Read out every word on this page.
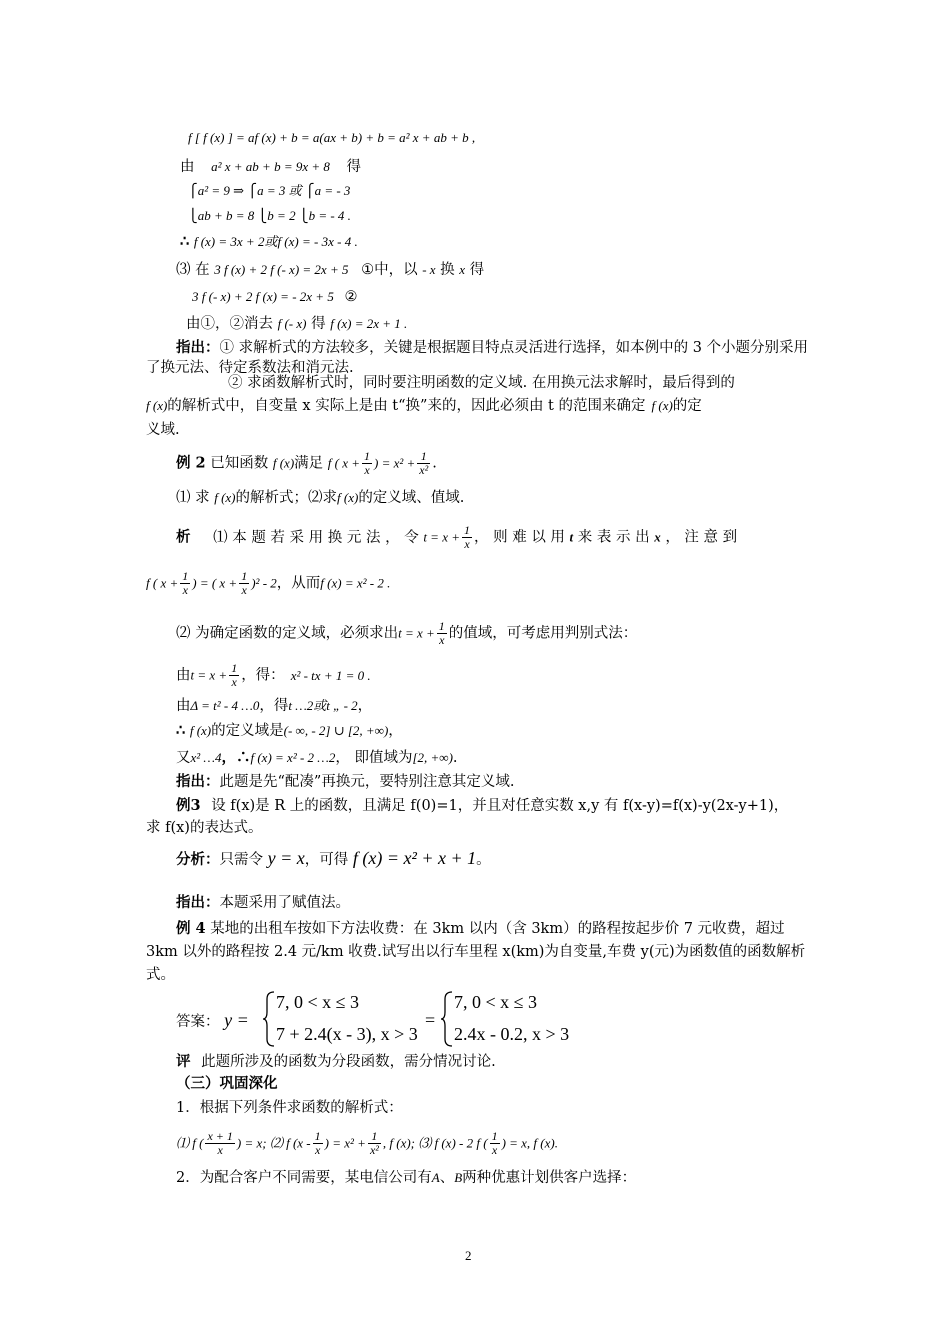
f [ f (x) ] = af (x) + b = a(ax + b) + b = a² x + ab + b ,
由 a² x + ab + b = 9x + 8 得
⎧a² = 9 ⇒ ⎧a = 3 或 ⎧a = - 3
⎩ab + b = 8 ⎩b = 2 ⎩b = - 4 .
∴ f (x) = 3x + 2或f (x) = - 3x - 4 .
⑶ 在 3 f (x) + 2 f (- x) = 2x + 5 ①中，以 - x 换 x 得
3 f (- x) + 2 f (x) = - 2x + 5 ②
由①，②消去 f (- x) 得 f (x) = 2x + 1 .
指出：① 求解析式的方法较多，关键是根据题目特点灵活进行选择，如本例中的 3 个小题分别采用了换元法、待定系数法和消元法.
② 求函数解析式时，同时要注明函数的定义域. 在用换元法求解时，最后得到的
f (x)的解析式中，自变量 x 实际上是由 t“换”来的，因此必须由 t 的范围来确定 f (x)的定
义域.
例 2 已知函数 f (x)满足 f ( $x + \frac{1}{x}$ ) = $x^2 + \frac{1}{\text{x²}}$ .
⑴ 求 f (x)的解析式；⑵求f (x)的定义域、值域.
析 ⑴ 本 题 若 采 用 换 元 法 ， 令 $t = x + \frac{1}{x}$ ， 则 难 以 用 t 来 表 示 出 x ， 注 意 到
f ( $x + \frac{1}{x}$ ) = ( $x + \frac{1}{x} )^2 - 2$，从而f (x) = x² - 2 .
⑵ 为确定函数的定义域，必须求出$t = x + \frac{1}{x}$ 的值域，可考虑用判别式法：
由$t = x + \frac{1}{x}$ ，得： x² - tx + 1 = 0 .
由Δ = t² - 4 …0，得t …2或t „ - 2，
∴ f (x)的定义域是(- ∞, - 2] ∪ [2, +∞)，
又x² …4，∴f (x) = x² - 2 …2， 即值域为[2, +∞).
指出：此题是先“配凑”再换元，要特别注意其定义域.
例3 设 f(x)是 R 上的函数，且满足 f(0)=1，并且对任意实数 x,y 有 f(x-y)=f(x)-y(2x-y+1)，
求 f(x)的表达式。
分析：只需令 y = x，可得 f (x) = x² + x + 1。
指出：本题采用了赋值法。
例 4 某地的出租车按如下方法收费：在 3km 以内（含 3km）的路程按起步价 7 元收费，超过 3km 以外的路程按 2.4 元/km 收费.试写出以行车里程 x(km)为自变量,车费 y(元)为函数值的函数解析式。
答案： y =
7, 0 < x ≤ 3
7 + 2.4(x - 3), x > 3
=
7, 0 < x ≤ 3
2.4x - 0.2, x > 3
评 此题所涉及的函数为分段函数，需分情况讨论.
（三）巩固深化
1．根据下列条件求函数的解析式：
⑴ f ( $\frac{x + 1}{x}$ ) = x; ⑵ f ($x - \frac{1}{x}$ ) = $x^2 + \frac{1}{\text{x²}}$ , f (x); ⑶ f (x) - 2 f ( $\frac{1}{x}$ ) = x, f (x).
2．为配合客户不同需要，某电信公司有A、B两种优惠计划供客户选择：
2
